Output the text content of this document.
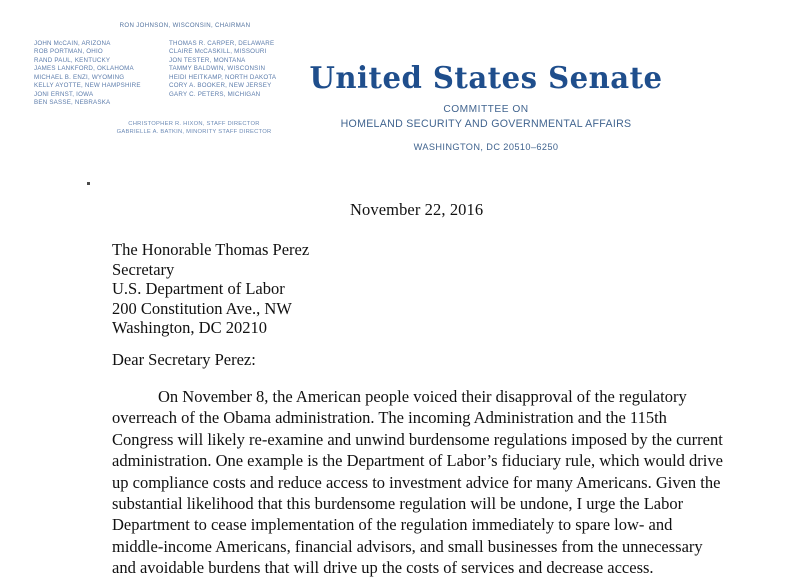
RON JOHNSON, WISCONSIN, CHAIRMAN
JOHN McCAIN, ARIZONA
ROB PORTMAN, OHIO
RAND PAUL, KENTUCKY
JAMES LANKFORD, OKLAHOMA
MICHAEL B. ENZI, WYOMING
KELLY AYOTTE, NEW HAMPSHIRE
JONI ERNST, IOWA
BEN SASSE, NEBRASKA
THOMAS R. CARPER, DELAWARE
CLAIRE McCASKILL, MISSOURI
JON TESTER, MONTANA
TAMMY BALDWIN, WISCONSIN
HEIDI HEITKAMP, NORTH DAKOTA
CORY A. BOOKER, NEW JERSEY
GARY C. PETERS, MICHIGAN
CHRISTOPHER R. HIXON, STAFF DIRECTOR
GABRIELLE A. BATKIN, MINORITY STAFF DIRECTOR
United States Senate
COMMITTEE ON
HOMELAND SECURITY AND GOVERNMENTAL AFFAIRS
WASHINGTON, DC 20510–6250
November 22, 2016
The Honorable Thomas Perez
Secretary
U.S. Department of Labor
200 Constitution Ave., NW
Washington, DC 20210
Dear Secretary Perez:

On November 8, the American people voiced their disapproval of the regulatory overreach of the Obama administration. The incoming Administration and the 115th Congress will likely re-examine and unwind burdensome regulations imposed by the current administration. One example is the Department of Labor’s fiduciary rule, which would drive up compliance costs and reduce access to investment advice for many Americans. Given the substantial likelihood that this burdensome regulation will be undone, I urge the Labor Department to cease implementation of the regulation immediately to spare low- and middle-income Americans, financial advisors, and small businesses from the unnecessary and avoidable burdens that will drive up the costs of services and decrease access.
